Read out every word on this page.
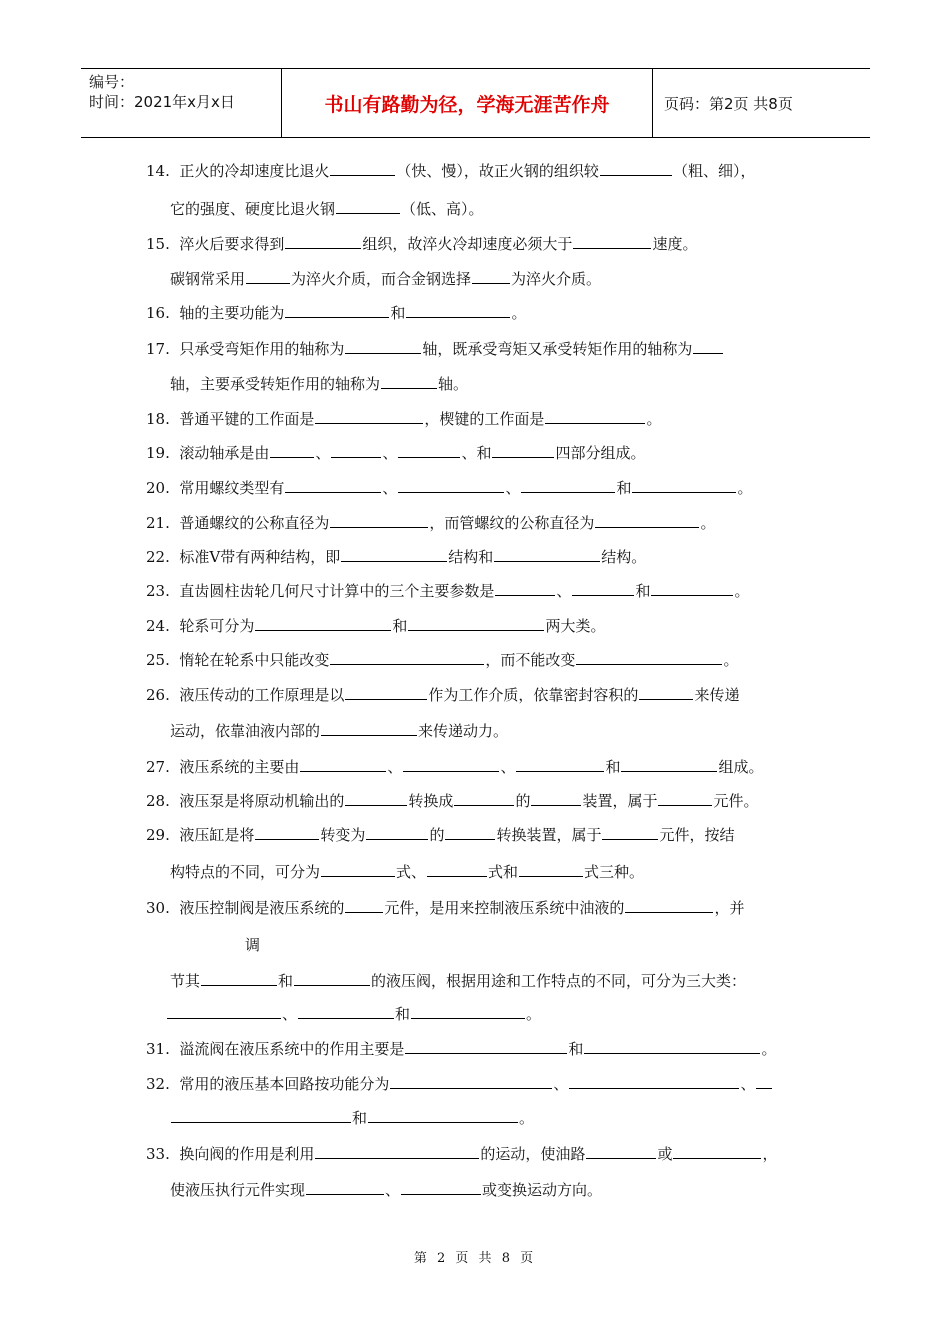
编号：
时间：2021年x月x日	书山有路勤为径，学海无涯苦作舟	页码：第2页 共8页
14. 正火的冷却速度比退火	（快、慢），故正火钢的组织较	（粗、细），
它的强度、硬度比退火钢	（低、高）。
15. 淬火后要求得到	组织，故淬火冷却速度必须大于	速度。
碳钢常采用	为淬火介质，而合金钢选择	为淬火介质。
16. 轴的主要功能为	和	。
17. 只承受弯矩作用的轴称为	轴，既承受弯矩又承受转矩作用的轴称为
轴，主要承受转矩作用的轴称为	轴。
18. 普通平键的工作面是	，楔键的工作面是	。
19. 滚动轴承是由	、	、	、和	四部分组成。
20. 常用螺纹类型有	、	、	和	。
21. 普通螺纹的公称直径为	，而管螺纹的公称直径为	。
22. 标准V带有两种结构，即	结构和	结构。
23. 直齿圆柱齿轮几何尺寸计算中的三个主要参数是	、	和	。
24. 轮系可分为	和	两大类。
25. 惰轮在轮系中只能改变	，而不能改变	。
26. 液压传动的工作原理是以	作为工作介质，依靠密封容积的	来传递
运动，依靠油液内部的	来传递动力。
27. 液压系统的主要由	、	、	和	组成。
28. 液压泵是将原动机输出的	转换成	的	装置，属于	元件。
29. 液压缸是将	转变为	的	转换装置，属于	元件，按结
构特点的不同，可分为	式、	式和	式三种。
30. 液压控制阀是液压系统的	元件，是用来控制液压系统中油液的	，并
调
节其	和	的液压阀，根据用途和工作特点的不同，可分为三大类：
、	和	。
31. 溢流阀在液压系统中的作用主要是	和	。
32. 常用的液压基本回路按功能分为	、	、
和	。
33. 换向阀的作用是利用	的运动，使油路	或	，
使液压执行元件实现	、	或变换运动方向。
第 2 页 共 8 页
